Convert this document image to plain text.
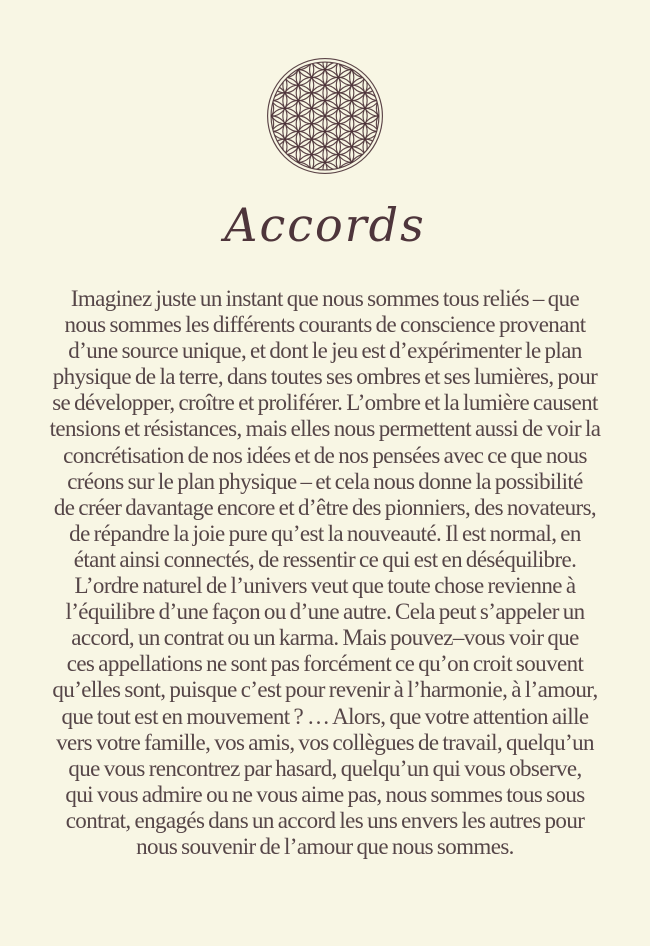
Accords
Imaginez juste un instant que nous sommes tous reliés – que
nous sommes les différents courants de conscience provenant
d’une source unique, et dont le jeu est d’expérimenter le plan
physique de la terre, dans toutes ses ombres et ses lumières, pour
se développer, croître et proliférer. L’ombre et la lumière causent
tensions et résistances, mais elles nous permettent aussi de voir la
concrétisation de nos idées et de nos pensées avec ce que nous
créons sur le plan physique – et cela nous donne la possibilité
de créer davantage encore et d’être des pionniers, des novateurs,
de répandre la joie pure qu’est la nouveauté. Il est normal, en
étant ainsi connectés, de ressentir ce qui est en déséquilibre.
L’ordre naturel de l’univers veut que toute chose revienne à
l’équilibre d’une façon ou d’une autre. Cela peut s’appeler un
accord, un contrat ou un karma. Mais pouvez–vous voir que
ces appellations ne sont pas forcément ce qu’on croit souvent
qu’elles sont, puisque c’est pour revenir à l’harmonie, à l’amour,
que tout est en mouvement ? … Alors, que votre attention aille
vers votre famille, vos amis, vos collègues de travail, quelqu’un
que vous rencontrez par hasard, quelqu’un qui vous observe,
qui vous admire ou ne vous aime pas, nous sommes tous sous
contrat, engagés dans un accord les uns envers les autres pour
nous souvenir de l’amour que nous sommes.
